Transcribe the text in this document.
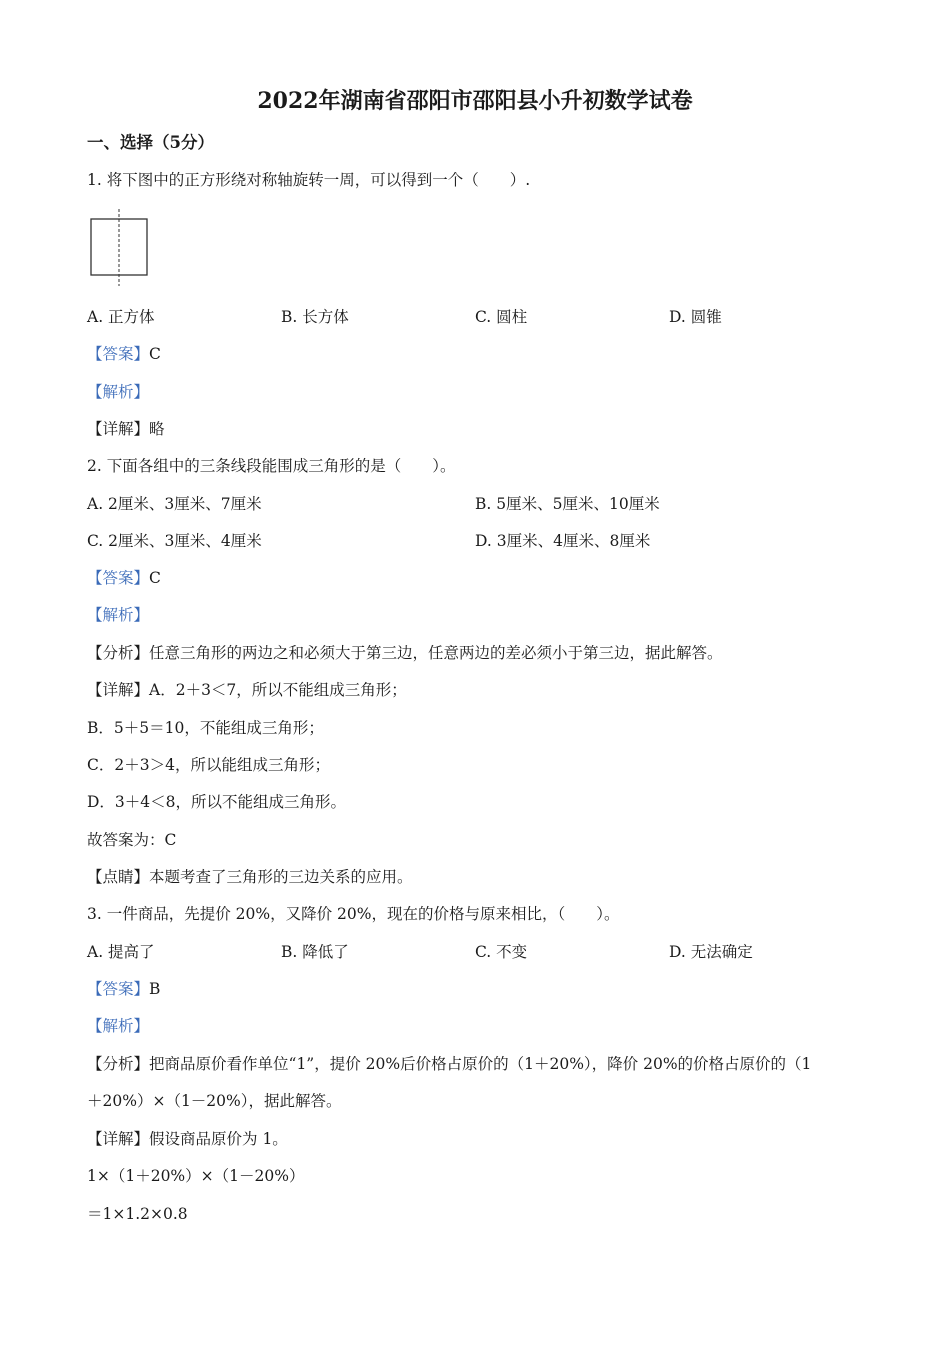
2022年湖南省邵阳市邵阳县小升初数学试卷
一、选择（5分）
1. 将下图中的正方形绕对称轴旋转一周，可以得到一个（　　）.
A. 正方体	B. 长方体	C. 圆柱	D. 圆锥
【答案】C
【解析】
【详解】略
2. 下面各组中的三条线段能围成三角形的是（　　）。
A. 2厘米、3厘米、7厘米	B. 5厘米、5厘米、10厘米
C. 2厘米、3厘米、4厘米	D. 3厘米、4厘米、8厘米
【答案】C
【解析】
【分析】任意三角形的两边之和必须大于第三边，任意两边的差必须小于第三边，据此解答。
【详解】A．2＋3＜7，所以不能组成三角形；
B．5＋5＝10，不能组成三角形；
C．2＋3＞4，所以能组成三角形；
D．3＋4＜8，所以不能组成三角形。
故答案为：C
【点睛】本题考查了三角形的三边关系的应用。
3. 一件商品，先提价 20%，又降价 20%，现在的价格与原来相比，（　　）。
A. 提高了	B. 降低了	C. 不变	D. 无法确定
【答案】B
【解析】
【分析】把商品原价看作单位“1”，提价 20%后价格占原价的（1＋20%），降价 20%的价格占原价的（1
＋20%）×（1－20%），据此解答。
【详解】假设商品原价为 1。
1×（1＋20%）×（1－20%）
＝1×1.2×0.8
